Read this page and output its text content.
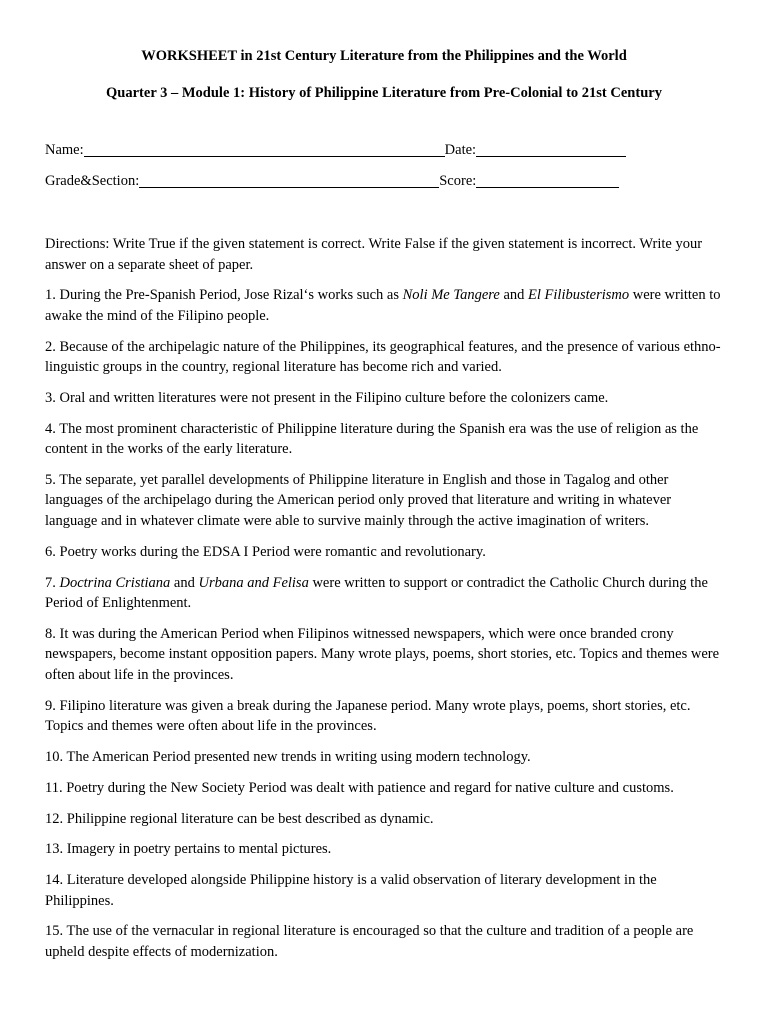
WORKSHEET in 21st Century Literature from the Philippines and the World
Quarter 3 – Module 1: History of Philippine Literature from Pre-Colonial to 21st Century
Name:	Date:
Grade&Section:	Score:

Directions: Write True if the given statement is correct. Write False if the given statement is incorrect. Write your answer on a separate sheet of paper.

1. During the Pre-Spanish Period, Jose Rizal‘s works such as Noli Me Tangere and El Filibusterismo were written to awake the mind of the Filipino people.

2. Because of the archipelagic nature of the Philippines, its geographical features, and the presence of various ethno-linguistic groups in the country, regional literature has become rich and varied.

3. Oral and written literatures were not present in the Filipino culture before the colonizers came.

4. The most prominent characteristic of Philippine literature during the Spanish era was the use of religion as the content in the works of the early literature.

5. The separate, yet parallel developments of Philippine literature in English and those in Tagalog and other languages of the archipelago during the American period only proved that literature and writing in whatever language and in whatever climate were able to survive mainly through the active imagination of writers.

6. Poetry works during the EDSA I Period were romantic and revolutionary.

7. Doctrina Cristiana and Urbana and Felisa were written to support or contradict the Catholic Church during the Period of Enlightenment.

8. It was during the American Period when Filipinos witnessed newspapers, which were once branded crony newspapers, become instant opposition papers. Many wrote plays, poems, short stories, etc. Topics and themes were often about life in the provinces.

9. Filipino literature was given a break during the Japanese period. Many wrote plays, poems, short stories, etc. Topics and themes were often about life in the provinces.

10. The American Period presented new trends in writing using modern technology.

11. Poetry during the New Society Period was dealt with patience and regard for native culture and customs.

12. Philippine regional literature can be best described as dynamic.

13. Imagery in poetry pertains to mental pictures.

14. Literature developed alongside Philippine history is a valid observation of literary development in the Philippines.

15. The use of the vernacular in regional literature is encouraged so that the culture and tradition of a people are upheld despite effects of modernization.
